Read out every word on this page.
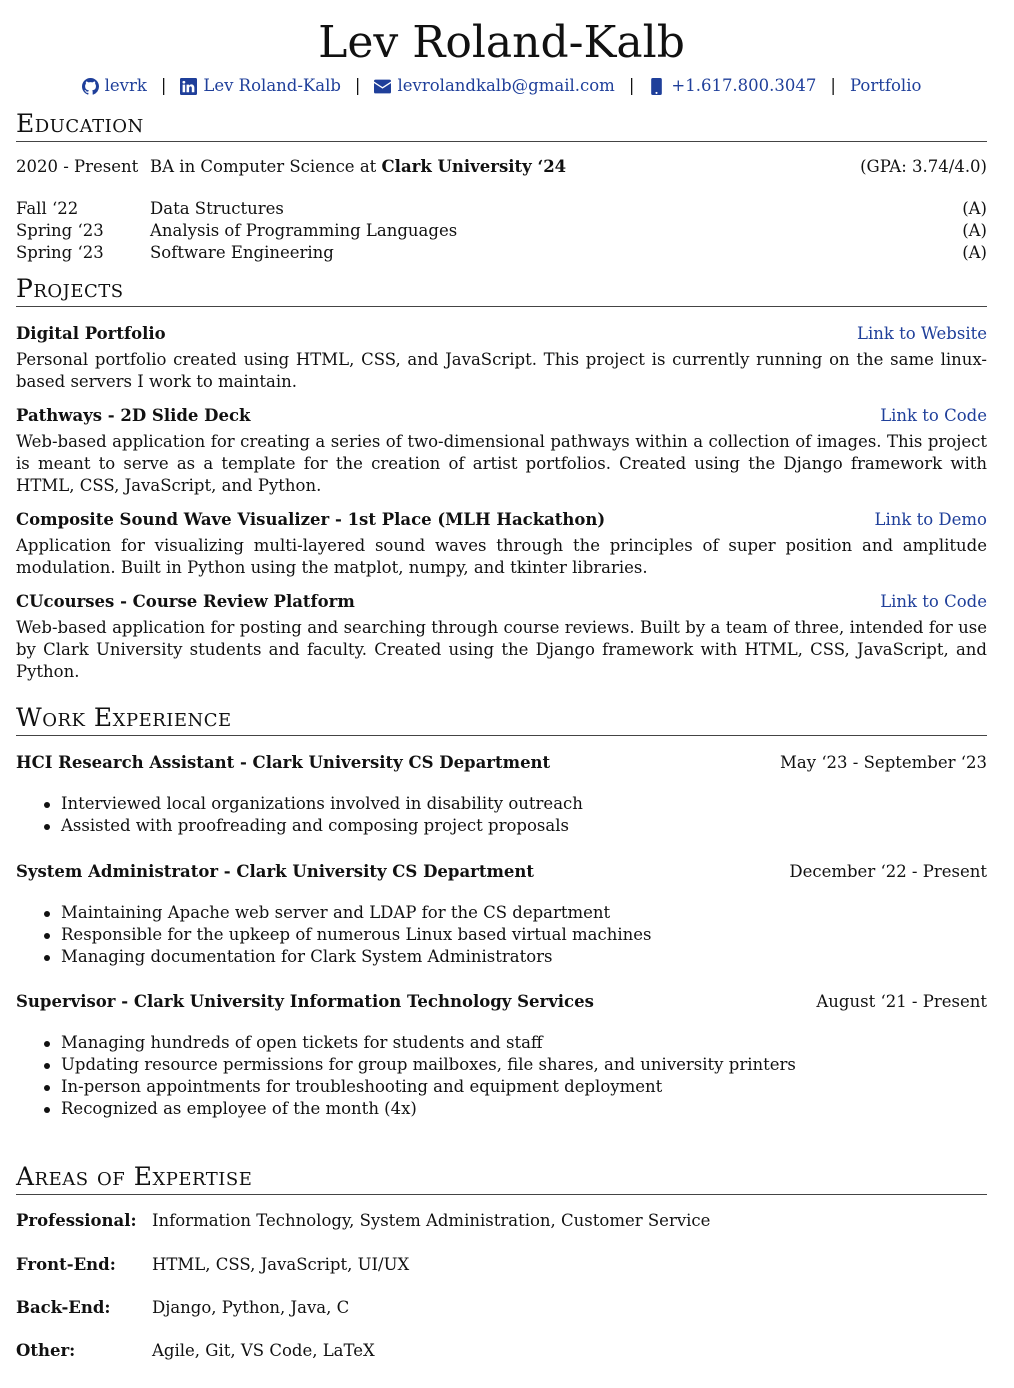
Lev Roland-Kalb
levrk | Lev Roland-Kalb | levrolandkalb@gmail.com | +1.617.800.3047 | Portfolio
Education
2020 - Present BA in Computer Science at Clark University ‘24	(GPA: 3.74/4.0)
Fall ‘22	Data Structures	(A)
Spring ‘23	Analysis of Programming Languages	(A)
Spring ‘23	Software Engineering	(A)
Projects
Digital Portfolio	Link to Website
Personal portfolio created using HTML, CSS, and JavaScript. This project is currently running on the same linux-based servers I work to maintain.
Pathways - 2D Slide Deck	Link to Code
Web-based application for creating a series of two-dimensional pathways within a collection of images. This project is meant to serve as a template for the creation of artist portfolios. Created using the Django framework with HTML, CSS, JavaScript, and Python.
Composite Sound Wave Visualizer - 1st Place (MLH Hackathon)	Link to Demo
Application for visualizing multi-layered sound waves through the principles of super position and amplitude modulation. Built in Python using the matplot, numpy, and tkinter libraries.
CUcourses - Course Review Platform	Link to Code
Web-based application for posting and searching through course reviews. Built by a team of three, intended for use by Clark University students and faculty. Created using the Django framework with HTML, CSS, JavaScript, and Python.
Work Experience
HCI Research Assistant - Clark University CS Department	May ‘23 - September ‘23
Interviewed local organizations involved in disability outreach
Assisted with proofreading and composing project proposals
System Administrator - Clark University CS Department	December ‘22 - Present
Maintaining Apache web server and LDAP for the CS department
Responsible for the upkeep of numerous Linux based virtual machines
Managing documentation for Clark System Administrators
Supervisor - Clark University Information Technology Services	August ‘21 - Present
Managing hundreds of open tickets for students and staff
Updating resource permissions for group mailboxes, file shares, and university printers
In-person appointments for troubleshooting and equipment deployment
Recognized as employee of the month (4x)
Areas of Expertise
Professional: Information Technology, System Administration, Customer Service
Front-End:	HTML, CSS, JavaScript, UI/UX
Back-End:	Django, Python, Java, C
Other:	Agile, Git, VS Code, LaTeX
